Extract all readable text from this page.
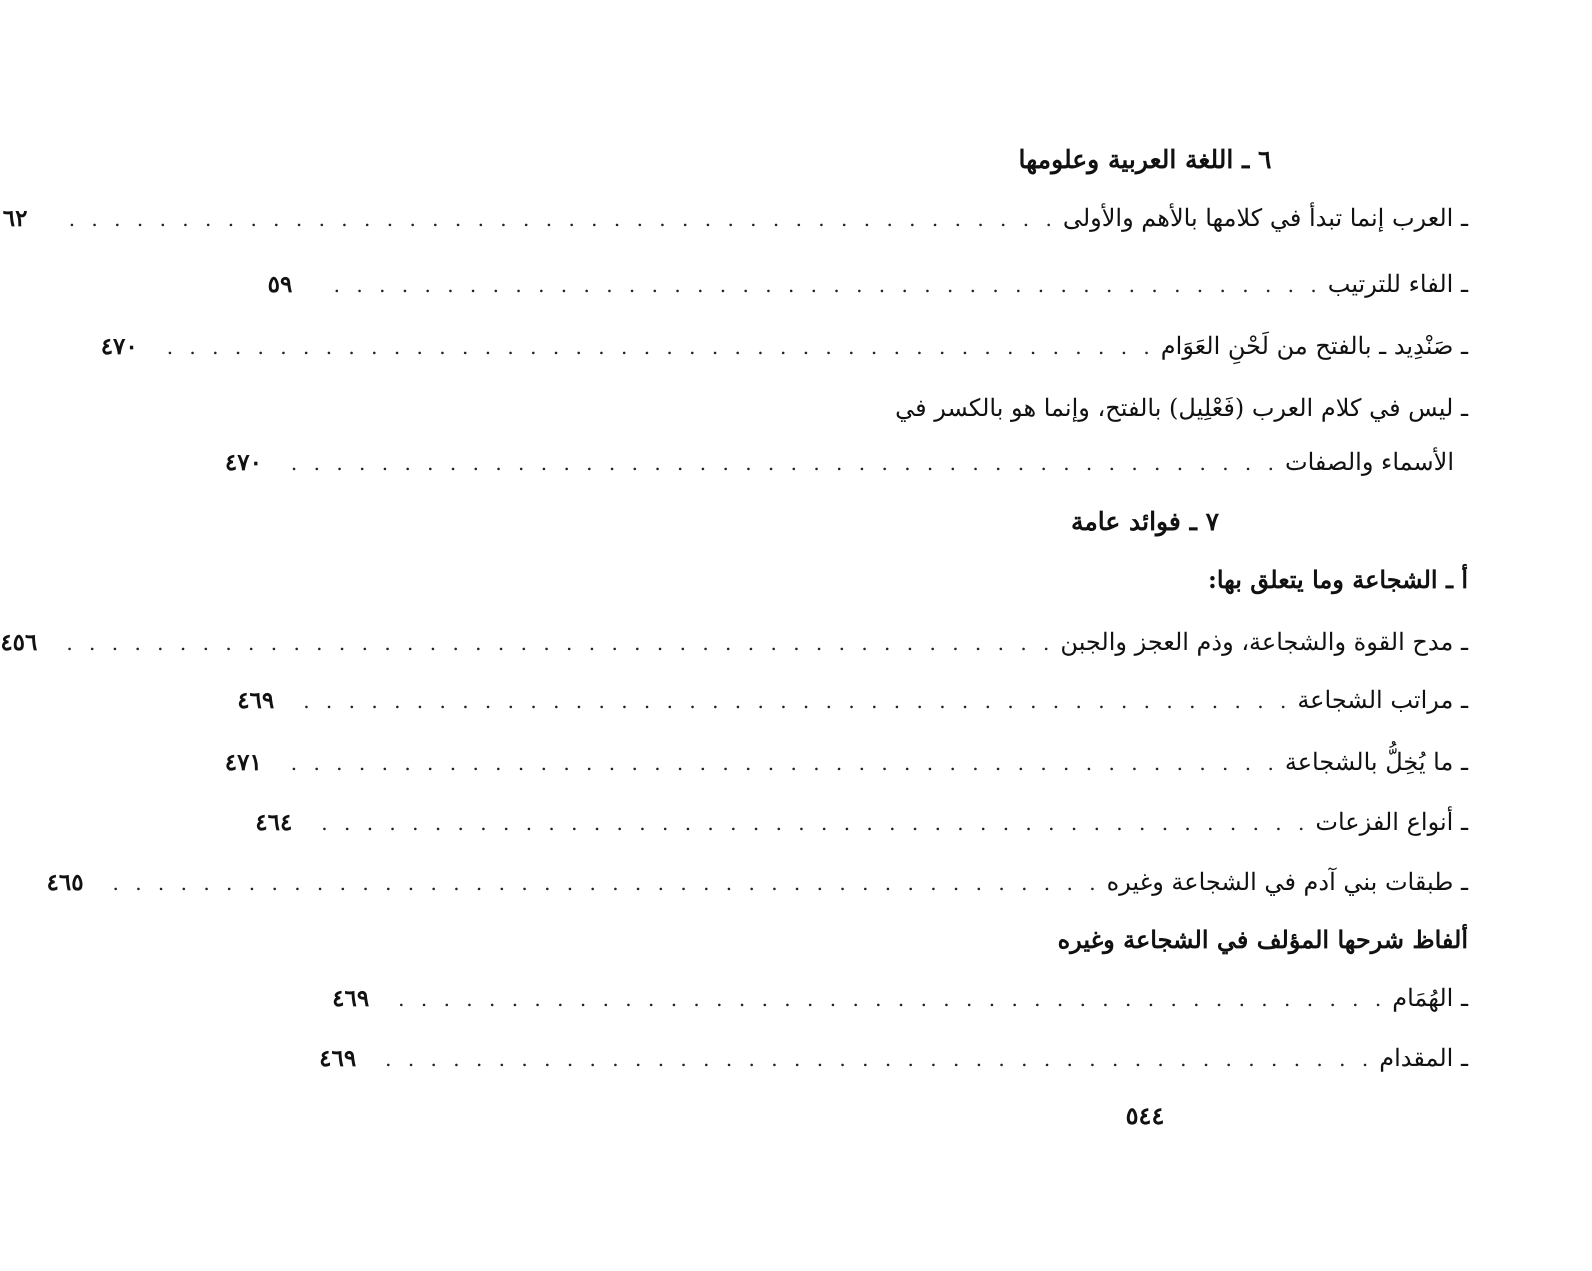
٦ ـ اللغة العربية وعلومها
ـ العرب إنما تبدأ في كلامها بالأهم والأولى
. . . . . . . . . . . . . . . . . . . . . . . . . . . . . . . . . . . . . . . . . . . .
٦٢
ـ الفاء للترتيب
. . . . . . . . . . . . . . . . . . . . . . . . . . . . . . . . . . . . . . . . . . . .
٥٩
ـ صَنْدِيد ـ بالفتح من لَحْنِ العَوَام
. . . . . . . . . . . . . . . . . . . . . . . . . . . . . . . . . . . . . . . . . . . .
٤٧٠
ـ ليس في كلام العرب (فَعْلِيل) بالفتح، وإنما هو بالكسر في
الأسماء والصفات
. . . . . . . . . . . . . . . . . . . . . . . . . . . . . . . . . . . . . . . . . . . .
٤٧٠
٧ ـ فوائد عامة
أ ـ الشجاعة وما يتعلق بها:
ـ مدح القوة والشجاعة، وذم العجز والجبن
. . . . . . . . . . . . . . . . . . . . . . . . . . . . . . . . . . . . . . . . . . . .
٤٥٦
ـ مراتب الشجاعة
. . . . . . . . . . . . . . . . . . . . . . . . . . . . . . . . . . . . . . . . . . . .
٤٦٩
ـ ما يُخِلُّ بالشجاعة
. . . . . . . . . . . . . . . . . . . . . . . . . . . . . . . . . . . . . . . . . . . .
٤٧١
ـ أنواع الفزعات
. . . . . . . . . . . . . . . . . . . . . . . . . . . . . . . . . . . . . . . . . . . .
٤٦٤
ـ طبقات بني آدم في الشجاعة وغيره
. . . . . . . . . . . . . . . . . . . . . . . . . . . . . . . . . . . . . . . . . . . .
٤٦٥
ألفاظ شرحها المؤلف في الشجاعة وغيره
ـ الهُمَام
. . . . . . . . . . . . . . . . . . . . . . . . . . . . . . . . . . . . . . . . . . . .
٤٦٩
ـ المقدام
. . . . . . . . . . . . . . . . . . . . . . . . . . . . . . . . . . . . . . . . . . . .
٤٦٩
٥٤٤
